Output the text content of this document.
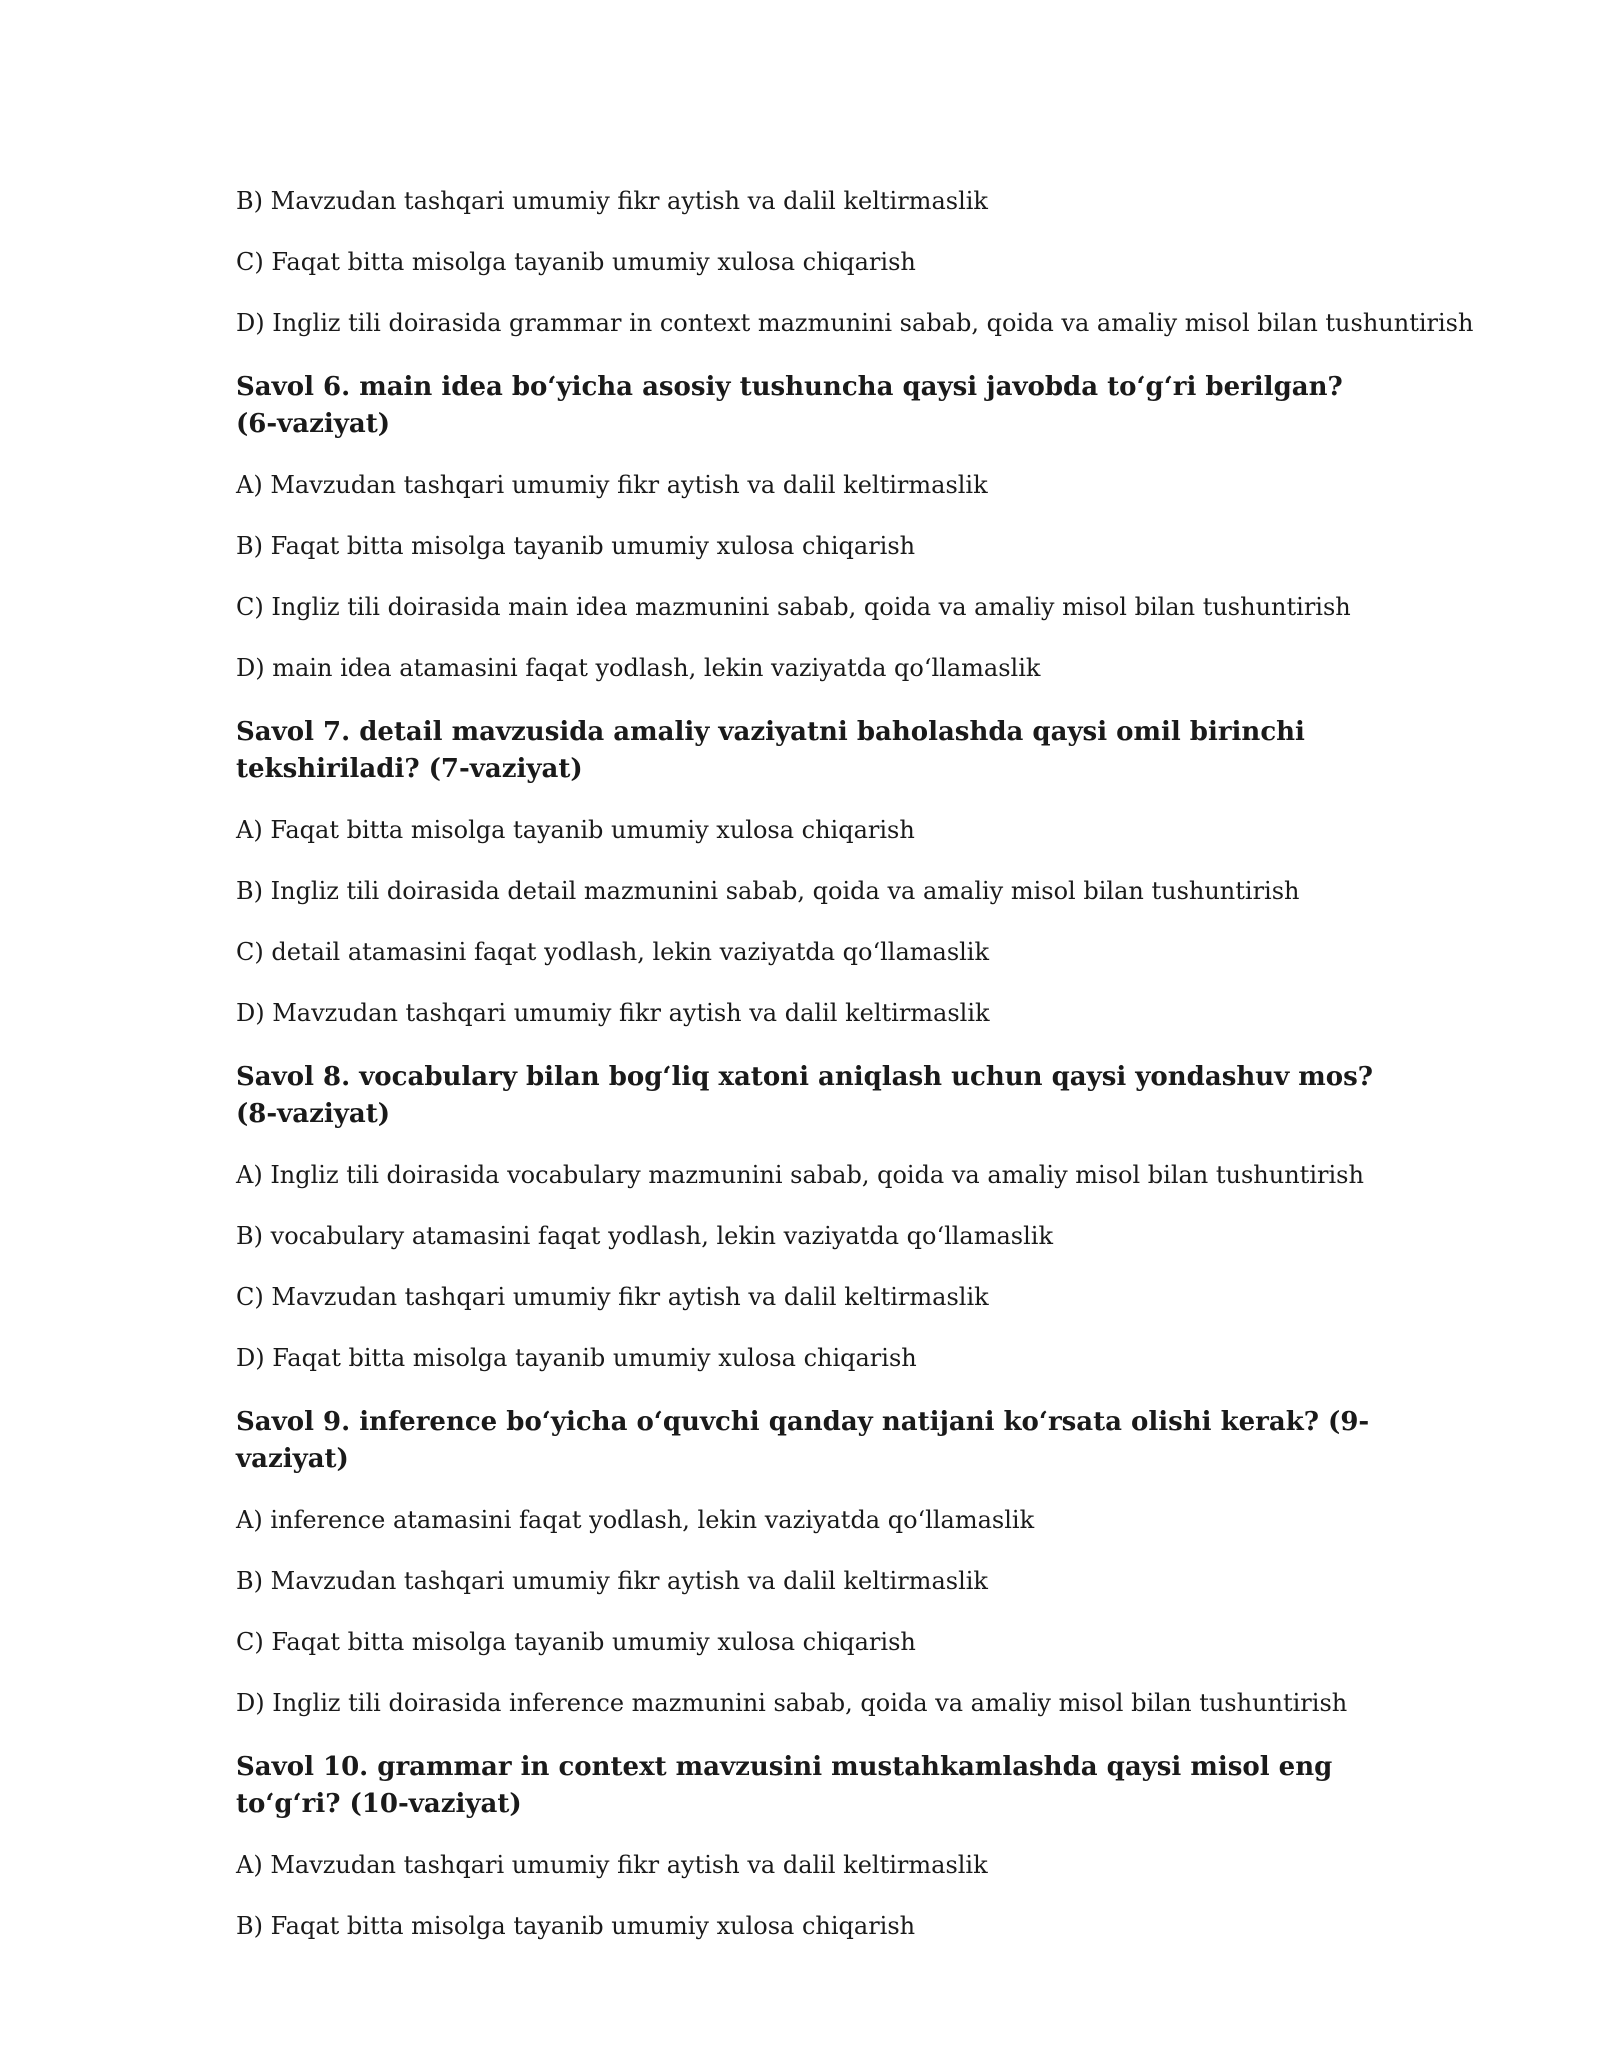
B) Mavzudan tashqari umumiy fikr aytish va dalil keltirmaslik

C) Faqat bitta misolga tayanib umumiy xulosa chiqarish

D) Ingliz tili doirasida grammar in context mazmunini sabab, qoida va amaliy misol bilan tushuntirish

Savol 6. main idea bo‘yicha asosiy tushuncha qaysi javobda to‘g‘ri berilgan? (6-vaziyat)

A) Mavzudan tashqari umumiy fikr aytish va dalil keltirmaslik

B) Faqat bitta misolga tayanib umumiy xulosa chiqarish

C) Ingliz tili doirasida main idea mazmunini sabab, qoida va amaliy misol bilan tushuntirish

D) main idea atamasini faqat yodlash, lekin vaziyatda qo‘llamaslik

Savol 7. detail mavzusida amaliy vaziyatni baholashda qaysi omil birinchi tekshiriladi? (7-vaziyat)

A) Faqat bitta misolga tayanib umumiy xulosa chiqarish

B) Ingliz tili doirasida detail mazmunini sabab, qoida va amaliy misol bilan tushuntirish

C) detail atamasini faqat yodlash, lekin vaziyatda qo‘llamaslik

D) Mavzudan tashqari umumiy fikr aytish va dalil keltirmaslik

Savol 8. vocabulary bilan bog‘liq xatoni aniqlash uchun qaysi yondashuv mos? (8-vaziyat)

A) Ingliz tili doirasida vocabulary mazmunini sabab, qoida va amaliy misol bilan tushuntirish

B) vocabulary atamasini faqat yodlash, lekin vaziyatda qo‘llamaslik

C) Mavzudan tashqari umumiy fikr aytish va dalil keltirmaslik

D) Faqat bitta misolga tayanib umumiy xulosa chiqarish

Savol 9. inference bo‘yicha o‘quvchi qanday natijani ko‘rsata olishi kerak? (9-vaziyat)

A) inference atamasini faqat yodlash, lekin vaziyatda qo‘llamaslik

B) Mavzudan tashqari umumiy fikr aytish va dalil keltirmaslik

C) Faqat bitta misolga tayanib umumiy xulosa chiqarish

D) Ingliz tili doirasida inference mazmunini sabab, qoida va amaliy misol bilan tushuntirish

Savol 10. grammar in context mavzusini mustahkamlashda qaysi misol eng to‘g‘ri? (10-vaziyat)

A) Mavzudan tashqari umumiy fikr aytish va dalil keltirmaslik

B) Faqat bitta misolga tayanib umumiy xulosa chiqarish
